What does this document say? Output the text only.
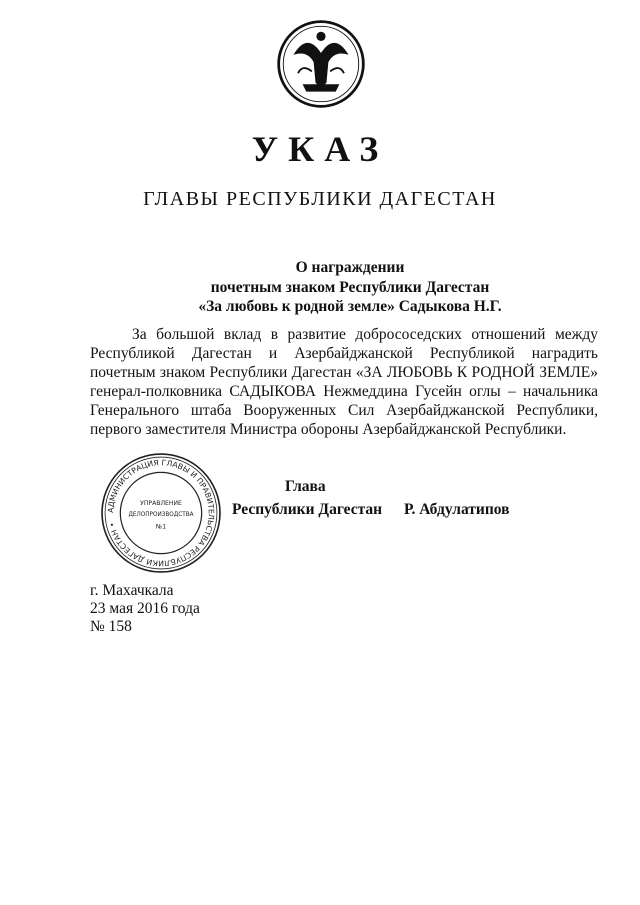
УКАЗ
ГЛАВЫ РЕСПУБЛИКИ ДАГЕСТАН
О награждении
почетным знаком Республики Дагестан
«За любовь к родной земле» Садыкова Н.Г.
За большой вклад в развитие добрососедских отношений между Республикой Дагестан и Азербайджанской Республикой наградить почетным знаком Республики Дагестан «ЗА ЛЮБОВЬ К РОДНОЙ ЗЕМЛЕ» генерал-полковника САДЫКОВА Нежмеддина Гусейн оглы – начальника Генерального штаба Вооруженных Сил Азербайджанской Республики, первого заместителя Министра обороны Азербайджанской Республики.
Глава
Республики Дагестан Р. Абдулатипов
АДМИНИСТРАЦИЯ ГЛАВЫ И ПРАВИТЕЛЬСТВА РЕСПУБЛИКИ ДАГЕСТАН •
УПРАВЛЕНИЕ
ДЕЛОПРОИЗВОДСТВА
№1
г. Махачкала
23 мая 2016 года
№ 158
